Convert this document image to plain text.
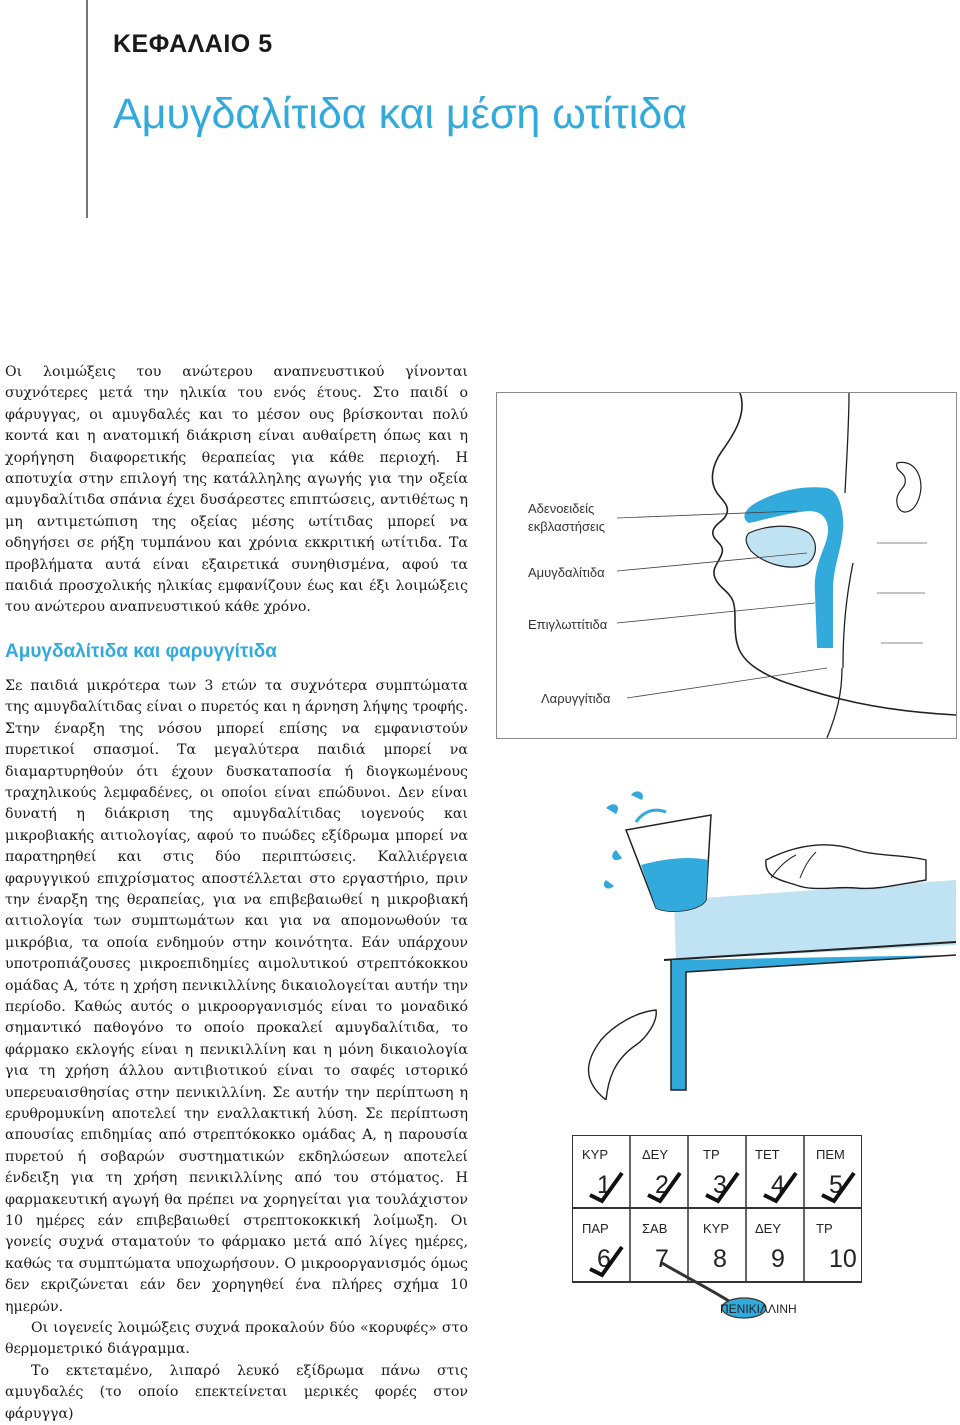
ΚΕΦΑΛΑΙΟ 5
Αμυγδαλίτιδα και μέση ωτίτιδα

Οι λοιμώξεις του ανώτερου αναπνευστικού γίνονται συχνότερες μετά την ηλικία του ενός έτους. Στο παιδί ο φάρυγγας, οι αμυγδαλές και το μέσον ους βρίσκονται πολύ κοντά και η ανατομική διάκριση είναι αυθαίρετη όπως και η χορήγηση διαφορετικής θεραπείας για κάθε περιοχή. Η αποτυχία στην επιλογή της κατάλληλης αγωγής για την οξεία αμυγδαλίτιδα σπάνια έχει δυσάρεστες επιπτώσεις, αντιθέτως η μη αντιμετώπιση της οξείας μέσης ωτίτιδας μπορεί να οδηγήσει σε ρήξη τυμπάνου και χρόνια εκκριτική ωτίτιδα. Τα προβλήματα αυτά είναι εξαιρετικά συνηθισμένα, αφού τα παιδιά προσχολικής ηλικίας εμφανίζουν έως και έξι λοιμώξεις του ανώτερου αναπνευστικού κάθε χρόνο.

Αμυγδαλίτιδα και φαρυγγίτιδα

Σε παιδιά μικρότερα των 3 ετών τα συχνότερα συμπτώματα της αμυγδαλίτιδας είναι ο πυρετός και η άρνηση λήψης τροφής. Στην έναρξη της νόσου μπορεί επίσης να εμφανιστούν πυρετικοί σπασμοί. Τα μεγαλύτερα παιδιά μπορεί να διαμαρτυρηθούν ότι έχουν δυσκαταποσία ή διογκωμένους τραχηλικούς λεμφαδένες, οι οποίοι είναι επώδυνοι. Δεν είναι δυνατή η διάκριση της αμυγδαλίτιδας ιογενούς και μικροβιακής αιτιολογίας, αφού το πυώδες εξίδρωμα μπορεί να παρατηρηθεί και στις δύο περιπτώσεις. Καλλιέργεια φαρυγγικού επιχρίσματος αποστέλλεται στο εργαστήριο, πριν την έναρξη της θεραπείας, για να επιβεβαιωθεί η μικροβιακή αιτιολογία των συμπτωμάτων και για να απομονωθούν τα μικρόβια, τα οποία ενδημούν στην κοινότητα. Εάν υπάρχουν υποτροπιάζουσες μικροεπιδημίες αιμολυτικού στρεπτόκοκκου ομάδας Α, τότε η χρήση πενικιλλίνης δικαιολογείται αυτήν την περίοδο. Καθώς αυτός ο μικροοργανισμός είναι το μοναδικό σημαντικό παθογόνο το οποίο προκαλεί αμυγδαλίτιδα, το φάρμακο εκλογής είναι η πενικιλλίνη και η μόνη δικαιολογία για τη χρήση άλλου αντιβιοτικού είναι το σαφές ιστορικό υπερευαισθησίας στην πενικιλλίνη. Σε αυτήν την περίπτωση η ερυθρομυκίνη αποτελεί την εναλλακτική λύση. Σε περίπτωση απουσίας επιδημίας από στρεπτόκοκκο ομάδας Α, η παρουσία πυρετού ή σοβαρών συστηματικών εκδηλώσεων αποτελεί ένδειξη για τη χρήση πενικιλλίνης από του στόματος. Η φαρμακευτική αγωγή θα πρέπει να χορηγείται για τουλάχιστον 10 ημέρες εάν επιβεβαιωθεί στρεπτοκοκκική λοίμωξη. Οι γονείς συχνά σταματούν το φάρμακο μετά από λίγες ημέρες, καθώς τα συμπτώματα υποχωρήσουν. Ο μικροοργανισμός όμως δεν εκριζώνεται εάν δεν χορηγηθεί ένα πλήρες σχήμα 10 ημερών.

Οι ιογενείς λοιμώξεις συχνά προκαλούν δύο «κορυφές» στο θερμομετρικό διάγραμμα.

Το εκτεταμένο, λιπαρό λευκό εξίδρωμα πάνω στις αμυγδαλές (το οποίο επεκτείνεται μερικές φορές στον φάρυγγα)

Αδενοειδείς
εκβλαστήσεις
Αμυγδαλίτιδα
Επιγλωττίτιδα
Λαρυγγίτιδα
ΚΥΡ	ΔΕΥ	ΤΡ	ΤΕΤ	ΠΕΜ
1 2 3 4 5
ΠΑΡ	ΣΑΒ	ΚΥΡ ΔΕΥ	ΤΡ
6 7 8 9 10
ΠΕΝΙΚΙΛΛΙΝΗ
